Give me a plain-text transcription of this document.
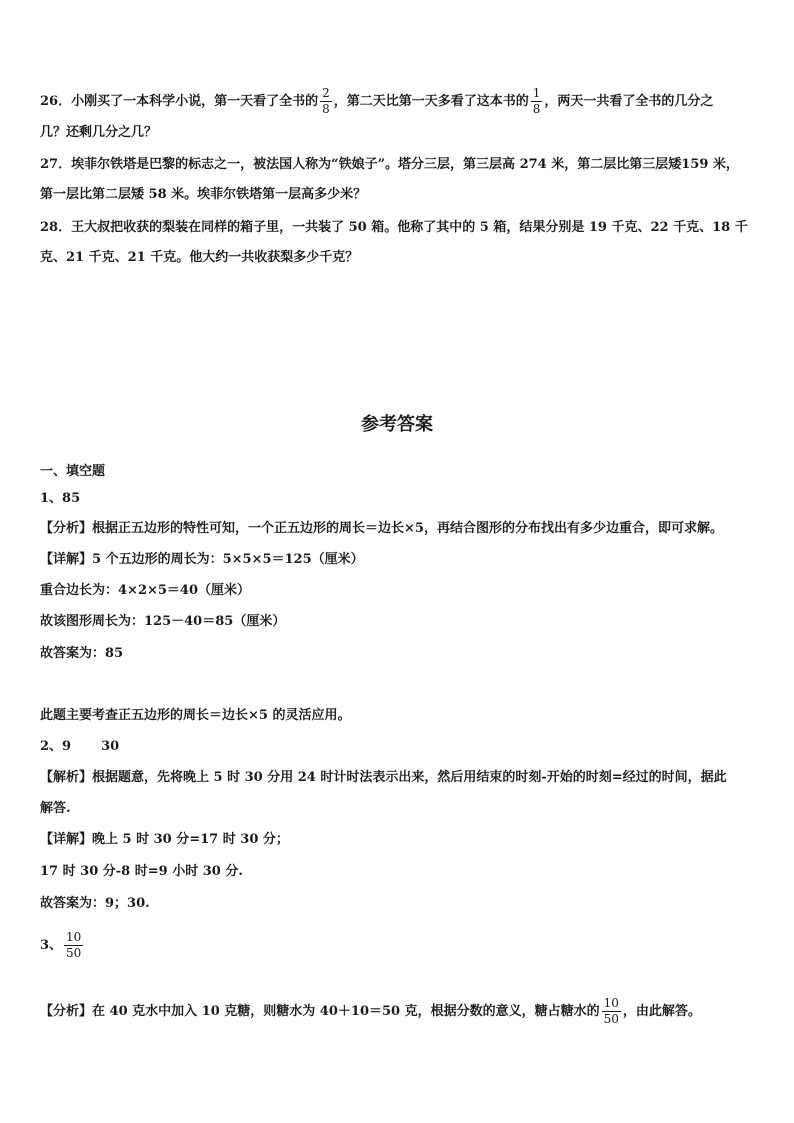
26．小刚买了一本科学小说，第一天看了全书的 $\frac{2}{8}$ ，第二天比第一天多看了这本书的 $\frac{1}{8}$ ，两天一共看了全书的几分之
几？还剩几分之几？
27．埃菲尔铁塔是巴黎的标志之一，被法国人称为“铁娘子”。塔分三层，第三层高 274 米，第二层比第三层矮159 米，
第一层比第二层矮 58 米。埃菲尔铁塔第一层高多少米？
28．王大叔把收获的梨装在同样的箱子里，一共装了 50 箱。他称了其中的 5 箱，结果分别是 19 千克、22 千克、18 千
克、21 千克、21 千克。他大约一共收获梨多少千克？
参考答案
一、填空题
1、85
【分析】根据正五边形的特性可知，一个正五边形的周长＝边长×5，再结合图形的分布找出有多少边重合，即可求解。
【详解】5 个五边形的周长为：5×5×5＝125（厘米）
重合边长为：4×2×5＝40（厘米）
故该图形周长为：125－40＝85（厘米）
故答案为：85
此题主要考查正五边形的周长＝边长×5 的灵活应用。
2、9 30
【解析】根据题意，先将晚上 5 时 30 分用 24 时计时法表示出来，然后用结束的时刻-开始的时刻=经过的时间，据此
解答.
【详解】晚上 5 时 30 分=17 时 30 分；
17 时 30 分-8 时=9 小时 30 分.
故答案为：9；30.
3、 $\frac{10}{50}$
【分析】在 40 克水中加入 10 克糖，则糖水为 40＋10＝50 克，根据分数的意义，糖占糖水的 $\frac{10}{50}$ ，由此解答。
